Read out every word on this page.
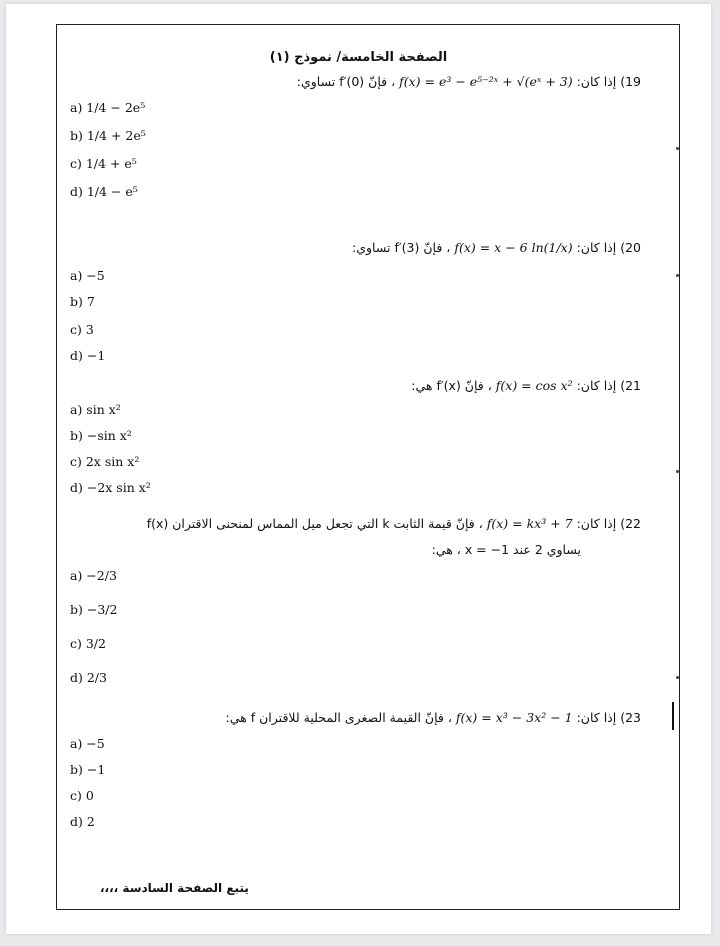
الصفحة الخامسة/ نموذج (١)
19) إذا كان: f(x) = e³ − e⁵⁻²ˣ + √(eˣ + 3) ، فإنّ f′(0) تساوي:
a) 1/4 − 2e⁵
b) 1/4 + 2e⁵
c) 1/4 + e⁵
d) 1/4 − e⁵
20) إذا كان: f(x) = x − 6 ln(1/x) ، فإنّ f′(3) تساوي:
a) −5
b) 7
c) 3
d) −1
21) إذا كان: f(x) = cos x² ، فإنّ f′(x) هي:
a) sin x²
b) −sin x²
c) 2x sin x²
d) −2x sin x²
22) إذا كان: f(x) = kx³ + 7 ، فإنّ قيمة الثابت k التي تجعل ميل المماس لمنحنى الاقتران f(x)
يساوي 2 عند x = −1 ، هي:
a) −2/3
b) −3/2
c) 3/2
d) 2/3
23) إذا كان: f(x) = x³ − 3x² − 1 ، فإنّ القيمة الصغرى المحلية للاقتران f هي:
a) −5
b) −1
c) 0
d) 2
يتبع الصفحة السادسة ،،،،
